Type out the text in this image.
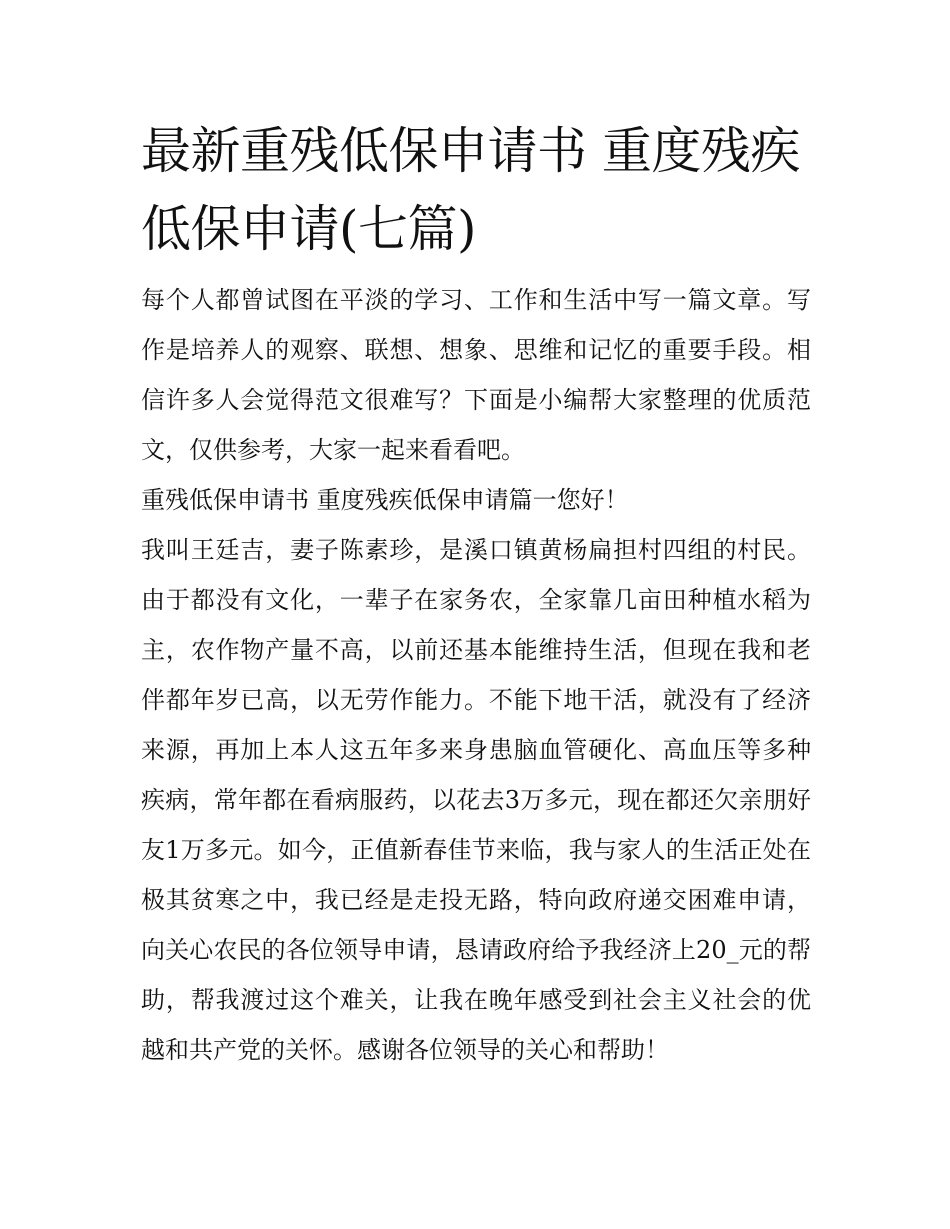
最新重残低保申请书 重度残疾低保申请(七篇)

每个人都曾试图在平淡的学习、工作和生活中写一篇文章。写作是培养人的观察、联想、想象、思维和记忆的重要手段。相信许多人会觉得范文很难写？下面是小编帮大家整理的优质范文，仅供参考，大家一起来看看吧。

重残低保申请书 重度残疾低保申请篇一您好！

我叫王廷吉，妻子陈素珍，是溪口镇黄杨扁担村四组的村民。由于都没有文化，一辈子在家务农，全家靠几亩田种植水稻为主，农作物产量不高，以前还基本能维持生活，但现在我和老伴都年岁已高，以无劳作能力。不能下地干活，就没有了经济来源，再加上本人这五年多来身患脑血管硬化、高血压等多种疾病，常年都在看病服药，以花去3万多元，现在都还欠亲朋好友1万多元。如今，正值新春佳节来临，我与家人的生活正处在极其贫寒之中，我已经是走投无路，特向政府递交困难申请，向关心农民的各位领导申请，恳请政府给予我经济上20_元的帮助，帮我渡过这个难关，让我在晚年感受到社会主义社会的优越和共产党的关怀。感谢各位领导的关心和帮助！
